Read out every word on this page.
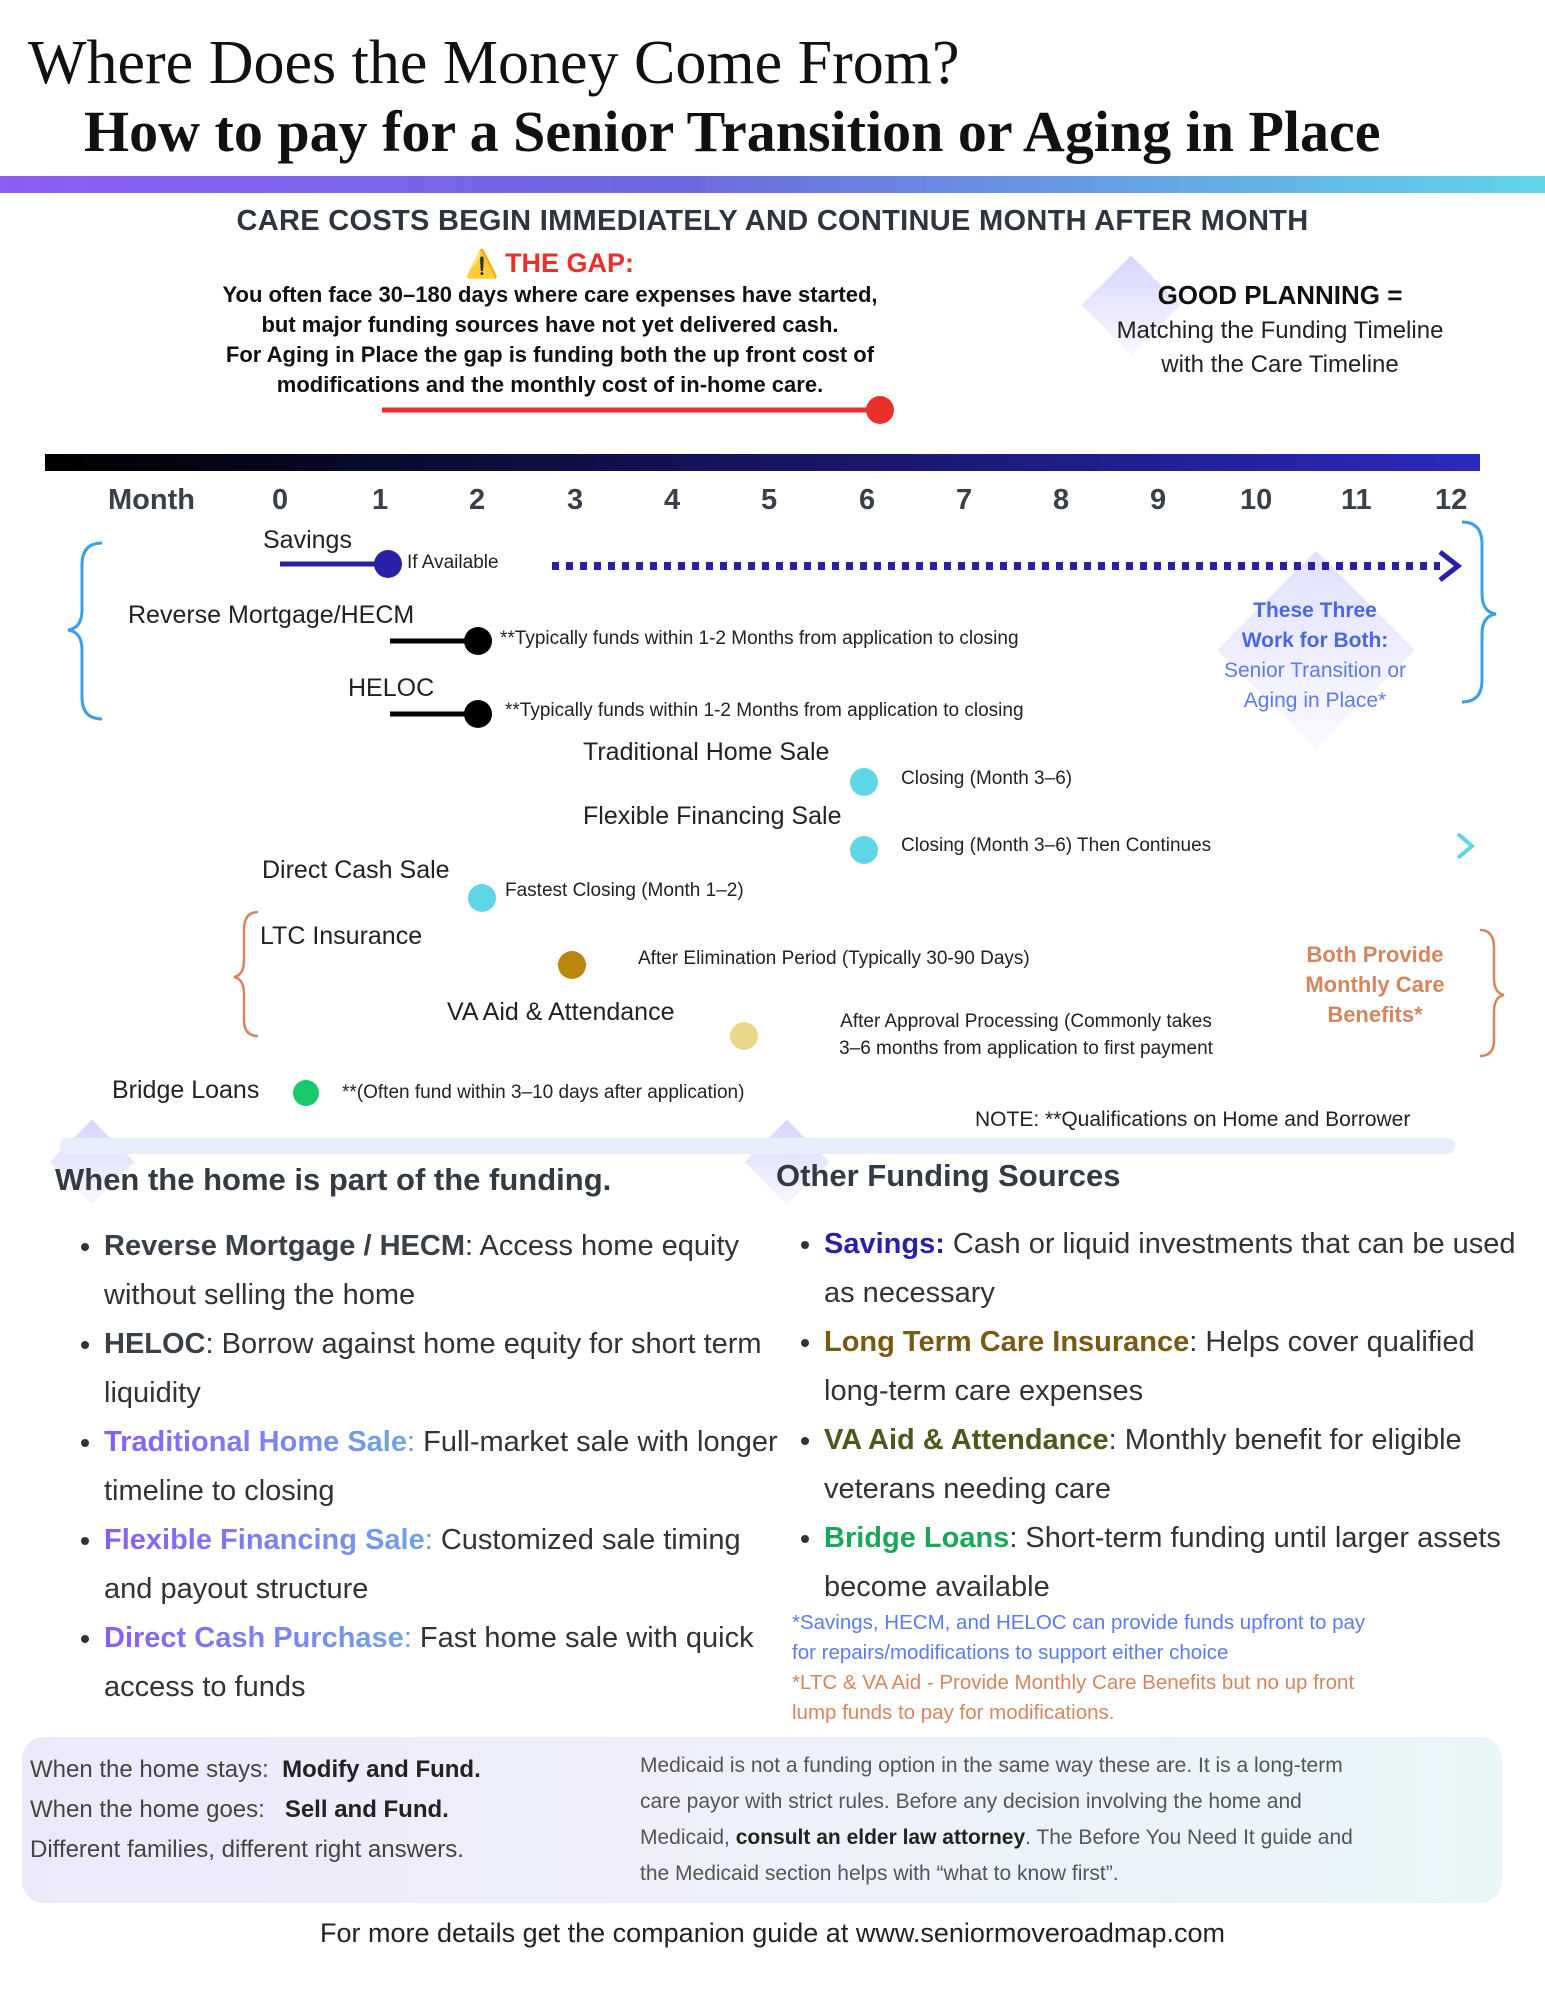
Where Does the Money Come From?
How to pay for a Senior Transition or Aging in Place
CARE COSTS BEGIN IMMEDIATELY AND CONTINUE MONTH AFTER MONTH
⚠️ THE GAP:
You often face 30–180 days where care expenses have started,
but major funding sources have not yet delivered cash.
For Aging in Place the gap is funding both the up front cost of
modifications and the monthly cost of in-home care.
GOOD PLANNING =
Matching the Funding Timeline
with the Care Timeline
Month	0	1	2	3	4	5	6	7	8	9	10 11 12
Savings
If Available
Reverse Mortgage/HECM
**Typically funds within 1-2 Months from application to closing
HELOC
**Typically funds within 1-2 Months from application to closing
Traditional Home Sale
Closing (Month 3–6)
Flexible Financing Sale
Closing (Month 3–6) Then Continues
Direct Cash Sale
Fastest Closing (Month 1–2)
LTC Insurance
After Elimination Period (Typically 30-90 Days)
VA Aid & Attendance	After Approval Processing (Commonly takes
3–6 months from application to first payment
Bridge Loans	**(Often fund within 3–10 days after application)
These Three
Work for Both:
Senior Transition or
Aging in Place*
Both Provide
Monthly Care
Benefits*
NOTE: **Qualifications on Home and Borrower
When the home is part of the funding.
• Reverse Mortgage / HECM: Access home equity without selling the home
• HELOC: Borrow against home equity for short term liquidity
• Traditional Home Sale: Full-market sale with longer timeline to closing
• Flexible Financing Sale: Customized sale timing and payout structure
• Direct Cash Purchase: Fast home sale with quick access to funds
Other Funding Sources
• Savings: Cash or liquid investments that can be used as necessary
• Long Term Care Insurance: Helps cover qualified long-term care expenses
• VA Aid & Attendance: Monthly benefit for eligible veterans needing care
• Bridge Loans: Short-term funding until larger assets become available
*Savings, HECM, and HELOC can provide funds upfront to pay
for repairs/modifications to support either choice
*LTC & VA Aid - Provide Monthly Care Benefits but no up front
lump funds to pay for modifications.
When the home stays: Modify and Fund.
When the home goes: Sell and Fund.
Different families, different right answers.
Medicaid is not a funding option in the same way these are. It is a long-term
care payor with strict rules. Before any decision involving the home and
Medicaid, consult an elder law attorney. The Before You Need It guide and
the Medicaid section helps with “what to know first”.
For more details get the companion guide at www.seniormoveroadmap.com
